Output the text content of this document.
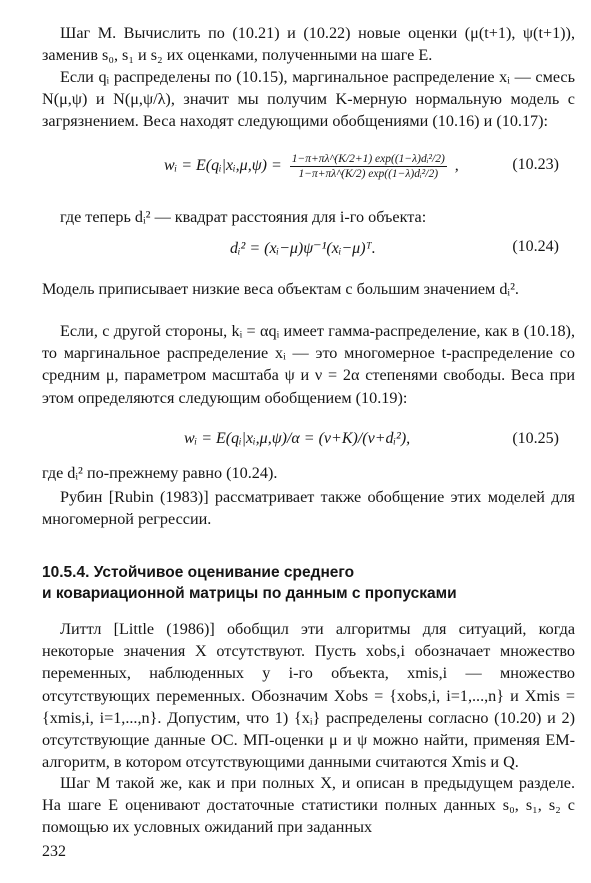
Шаг М. Вычислить по (10.21) и (10.22) новые оценки (μ(t+1), ψ(t+1)), заменив s₀, s₁ и s₂ их оценками, полученными на шаге Е.

Если qᵢ распределены по (10.15), маргинальное распределение xᵢ — смесь N(μ,ψ) и N(μ,ψ/λ), значит мы получим K-мерную нормальную модель с загрязнением. Веса находят следующими обобщениями (10.16) и (10.17):

wᵢ = E(qᵢ|xᵢ,μ,ψ) = $\frac{\text{1−π+πλ\textasciicircum{}(K/2+1) exp((1−λ)dᵢ²/2)}}{\text{1−π+πλ\textasciicircum{}(K/2) exp((1−λ)dᵢ²/2)}}$ ,	(10.23)

где теперь dᵢ² — квадрат расстояния для i-го объекта:

dᵢ² = (xᵢ−μ)ψ⁻¹(xᵢ−μ)ᵀ.	(10.24)

Модель приписывает низкие веса объектам с большим значением dᵢ².

Если, с другой стороны, kᵢ = αqᵢ имеет гамма-распределение, как в (10.18), то маргинальное распределение xᵢ — это многомерное t-распределение со средним μ, параметром масштаба ψ и ν = 2α степенями свободы. Веса при этом определяются следующим обобщением (10.19):

wᵢ = E(qᵢ|xᵢ,μ,ψ)/α = (ν+K)/(ν+dᵢ²),	(10.25)

где dᵢ² по-прежнему равно (10.24).

Рубин [Rubin (1983)] рассматривает также обобщение этих моделей для многомерной регрессии.

10.5.4. Устойчивое оценивание среднего
и ковариационной матрицы по данным с пропусками

Литтл [Little (1986)] обобщил эти алгоритмы для ситуаций, когда некоторые значения X отсутствуют. Пусть xobs,i обозначает множество переменных, наблюденных у i-го объекта, xmis,i — множество отсутствующих переменных. Обозначим Xobs = {xobs,i, i=1,...,n} и Xmis = {xmis,i, i=1,...,n}. Допустим, что 1) {xᵢ} распределены согласно (10.20) и 2) отсутствующие данные ОС. МП-оценки μ и ψ можно найти, применяя ЕМ-алгоритм, в котором отсутствующими данными считаются Xmis и Q.

Шаг М такой же, как и при полных X, и описан в предыдущем разделе. На шаге Е оценивают достаточные статистики полных данных s₀, s₁, s₂ с помощью их условных ожиданий при заданных

232
